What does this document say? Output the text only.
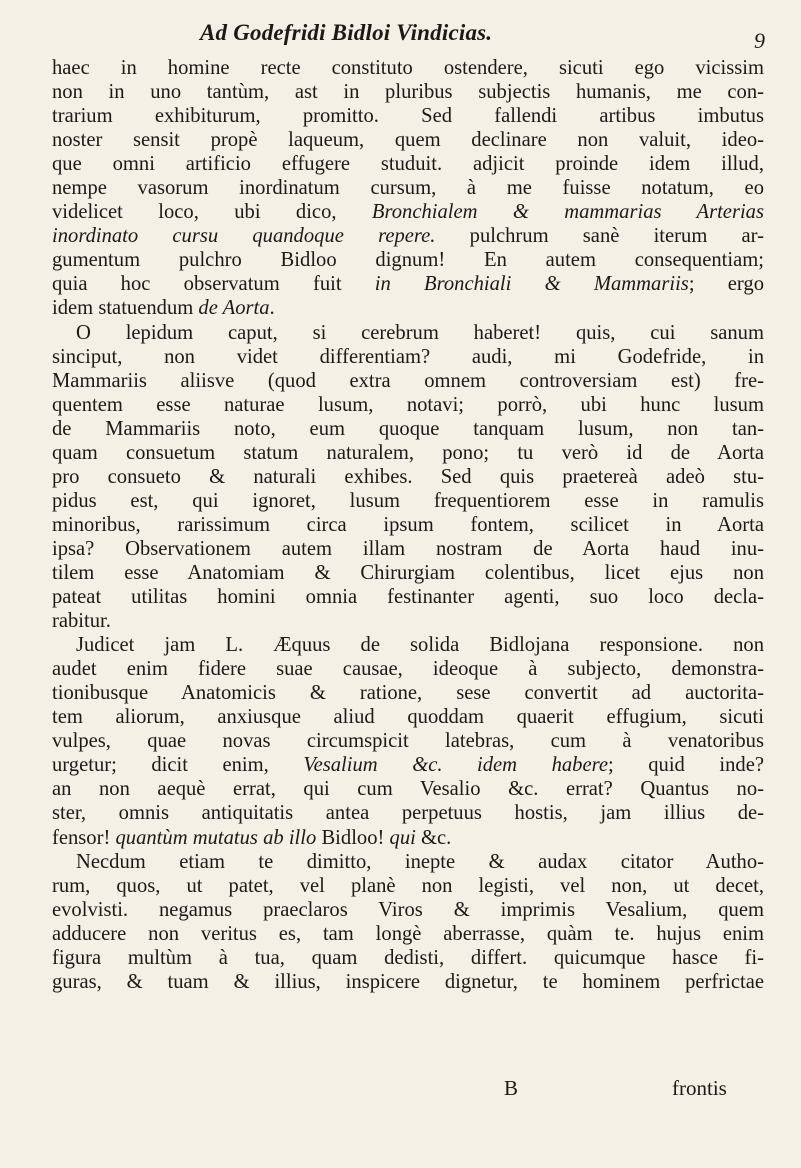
Ad Godefridi Bidloi Vindicias.	9
haec in homine recte constituto ostendere, sicuti ego vicissim
non in uno tantùm, ast in pluribus subjectis humanis, me con-
trarium exhibiturum, promitto. Sed fallendi artibus imbutus
noster sensit propè laqueum, quem declinare non valuit, ideo-
que omni artificio effugere studuit. adjicit proinde idem illud,
nempe vasorum inordinatum cursum, à me fuisse notatum, eo
videlicet loco, ubi dico, Bronchialem & mammarias Arterias
inordinato cursu quandoque repere. pulchrum sanè iterum ar-
gumentum pulchro Bidloo dignum! En autem consequentiam;
quia hoc observatum fuit in Bronchiali & Mammariis; ergo
idem statuendum de Aorta.
O lepidum caput, si cerebrum haberet! quis, cui sanum
sinciput, non videt differentiam? audi, mi Godefride, in
Mammariis aliisve (quod extra omnem controversiam est) fre-
quentem esse naturae lusum, notavi; porrò, ubi hunc lusum
de Mammariis noto, eum quoque tanquam lusum, non tan-
quam consuetum statum naturalem, pono; tu verò id de Aorta
pro consueto & naturali exhibes. Sed quis praetereà adeò stu-
pidus est, qui ignoret, lusum frequentiorem esse in ramulis
minoribus, rarissimum circa ipsum fontem, scilicet in Aorta
ipsa? Observationem autem illam nostram de Aorta haud inu-
tilem esse Anatomiam & Chirurgiam colentibus, licet ejus non
pateat utilitas homini omnia festinanter agenti, suo loco decla-
rabitur.
Judicet jam L. Æquus de solida Bidlojana responsione. non
audet enim fidere suae causae, ideoque à subjecto, demonstra-
tionibusque Anatomicis & ratione, sese convertit ad auctorita-
tem aliorum, anxiusque aliud quoddam quaerit effugium, sicuti
vulpes, quae novas circumspicit latebras, cum à venatoribus
urgetur; dicit enim, Vesalium &c. idem habere; quid inde?
an non aequè errat, qui cum Vesalio &c. errat? Quantus no-
ster, omnis antiquitatis antea perpetuus hostis, jam illius de-
fensor! quantùm mutatus ab illo Bidloo! qui &c.
Necdum etiam te dimitto, inepte & audax citator Autho-
rum, quos, ut patet, vel planè non legisti, vel non, ut decet,
evolvisti. negamus praeclaros Viros & imprimis Vesalium, quem
adducere non veritus es, tam longè aberrasse, quàm te. hujus enim
figura multùm à tua, quam dedisti, differt. quicumque hasce fi-
guras, & tuam & illius, inspicere dignetur, te hominem perfrictae
B	frontis
